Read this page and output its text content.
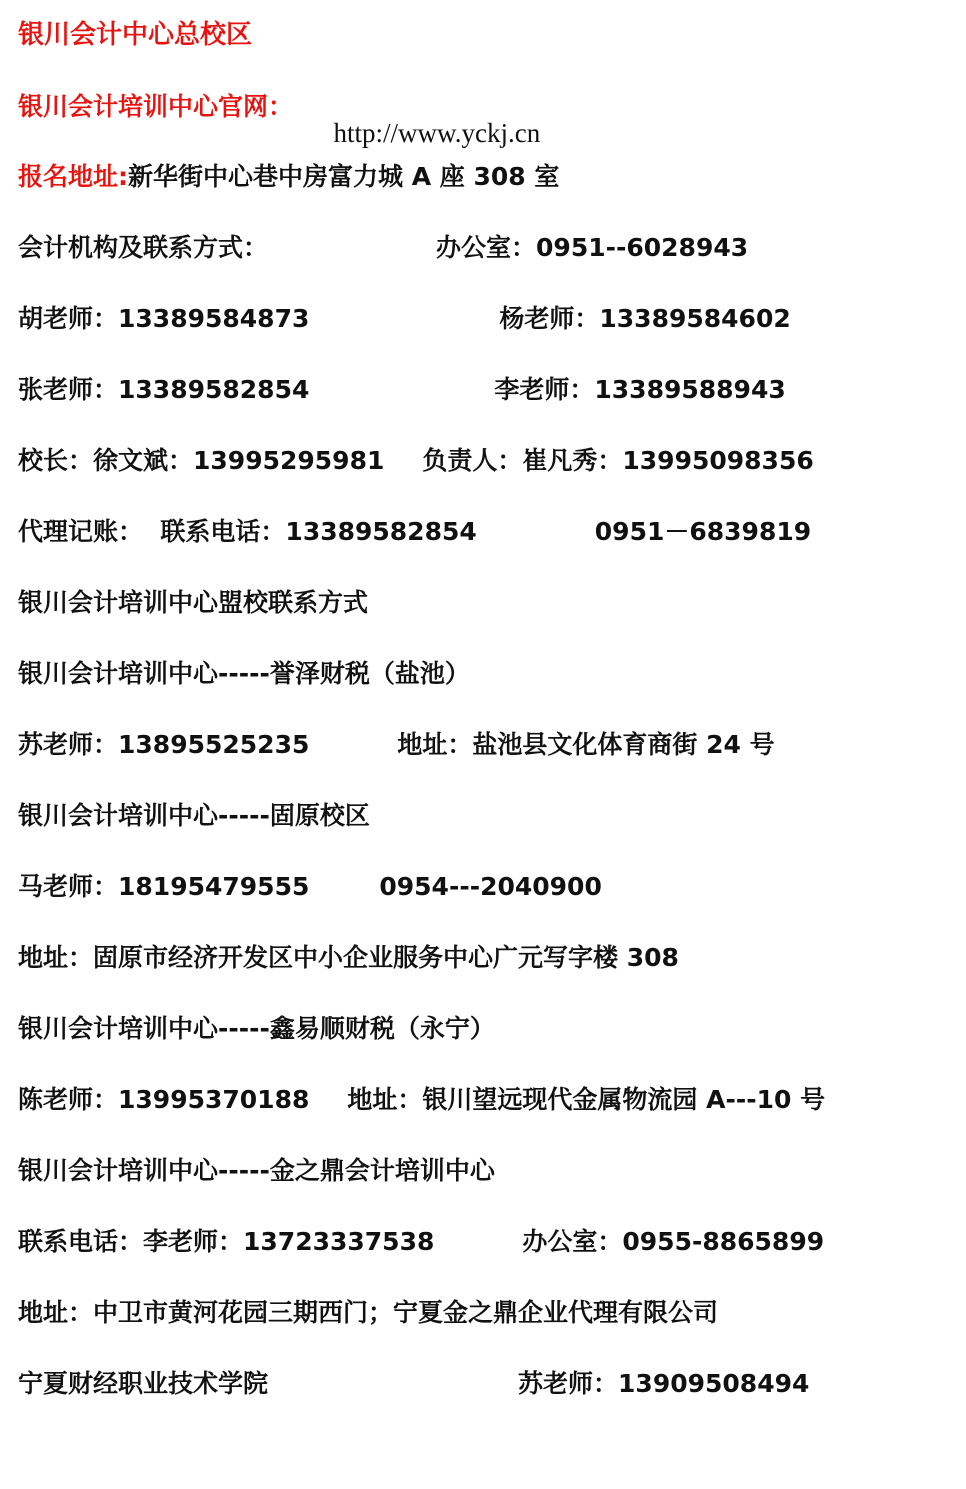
银川会计中心总校区
银川会计培训中心官网：

http://www.yckj.cn

报名地址: 新华街中心巷中房富力城 A 座 308 室
会计机构及联系方式：	办公室： 0951--6028943
胡老师： 13389584873	杨老师： 13389584602
张老师： 13389582854	李老师： 13389588943
校长：徐文斌： 13995295981 负责人：崔凡秀： 13995098356
代理记账：  联系电话： 13389582854	0951－6839819
银川会计培训中心盟校联系方式
银川会计培训中心-----誉泽财税（盐池）
苏老师： 13895525235	地址： 盐池县文化体育商街 24 号
银川会计培训中心-----固原校区
马老师： 18195479555	0954---2040900
地址： 固原市经济开发区中小企业服务中心广元写字楼 308
银川会计培训中心-----鑫易顺财税（永宁）
陈老师： 13995370188 地址： 银川望远现代金属物流园 A---10 号
银川会计培训中心-----金之鼎会计培训中心
联系电话：李老师： 13723337538	办公室： 0955-8865899
地址： 中卫市黄河花园三期西门；宁夏金之鼎企业代理有限公司
宁夏财经职业技术学院	苏老师： 13909508494
